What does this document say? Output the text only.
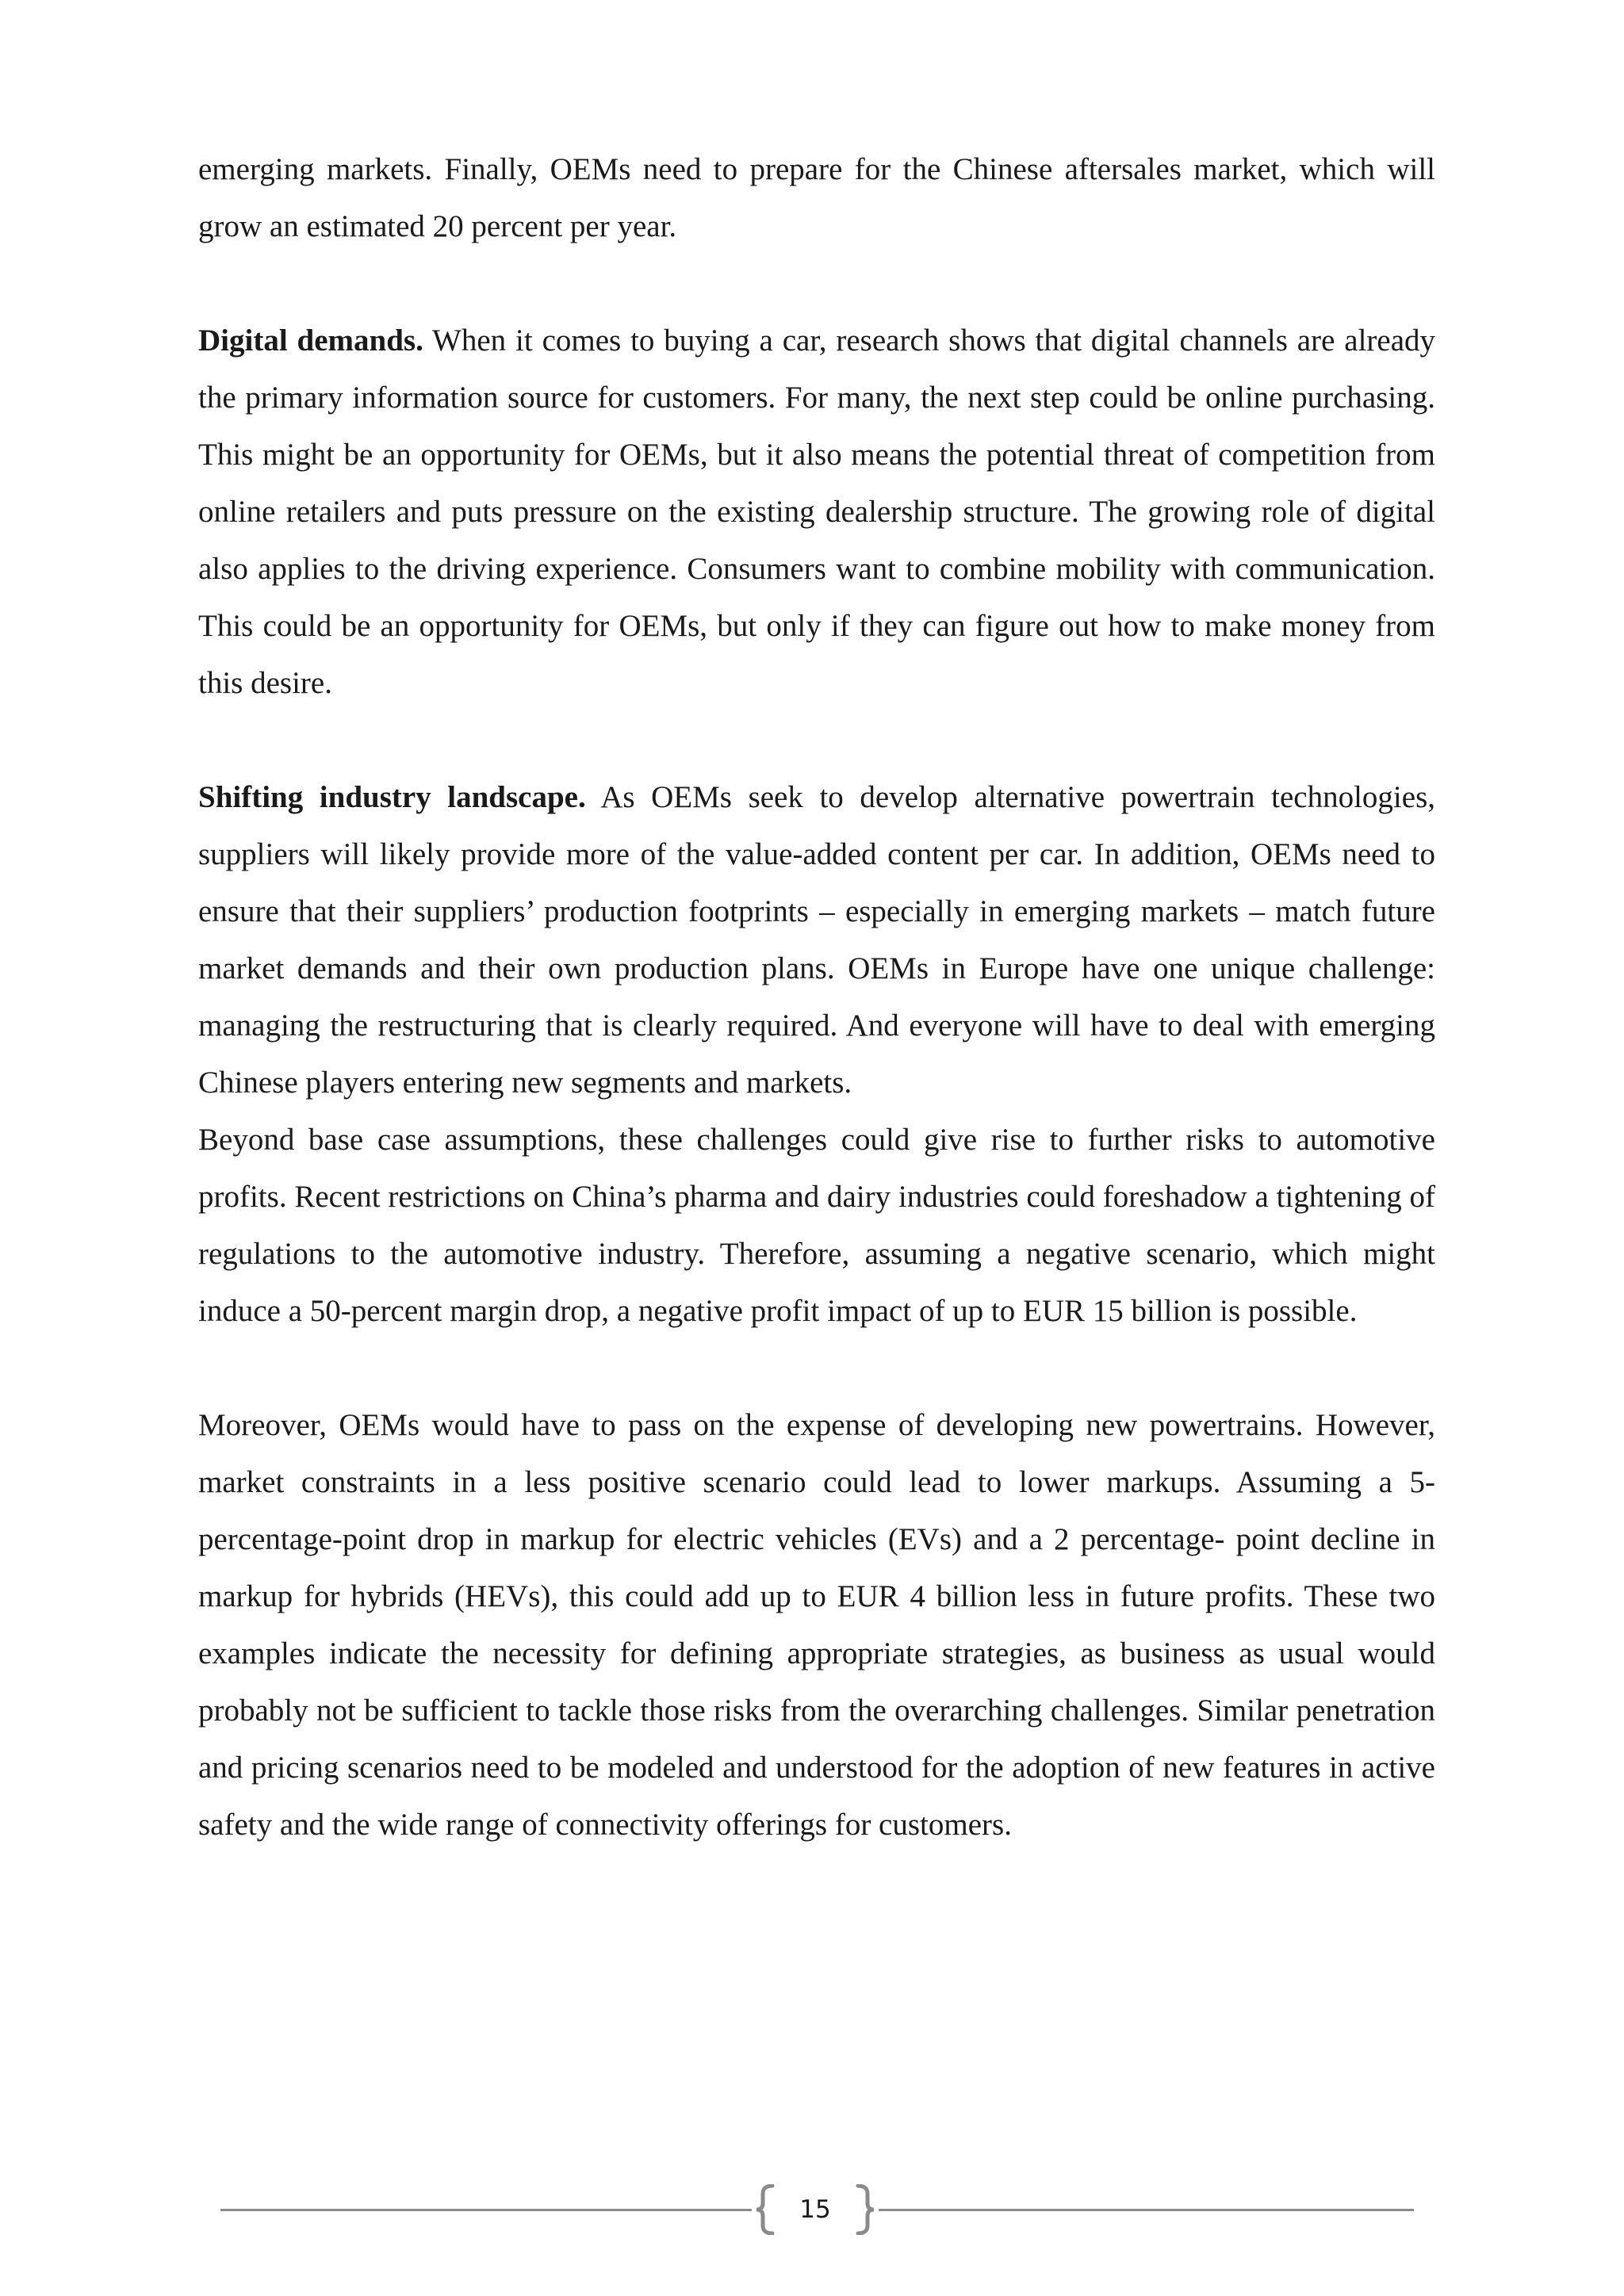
emerging markets. Finally, OEMs need to prepare for the Chinese aftersales market, which will grow an estimated 20 percent per year.

Digital demands. When it comes to buying a car, research shows that digital channels are already the primary information source for customers. For many, the next step could be online purchasing. This might be an opportunity for OEMs, but it also means the potential threat of competition from online retailers and puts pressure on the existing dealership structure. The growing role of digital also applies to the driving experience. Consumers want to combine mobility with communication. This could be an opportunity for OEMs, but only if they can figure out how to make money from this desire.

Shifting industry landscape. As OEMs seek to develop alternative powertrain technologies, suppliers will likely provide more of the value-added content per car. In addition, OEMs need to ensure that their suppliers’ production footprints – especially in emerging markets – match future market demands and their own production plans. OEMs in Europe have one unique challenge: managing the restructuring that is clearly required. And everyone will have to deal with emerging Chinese players entering new segments and markets.

Beyond base case assumptions, these challenges could give rise to further risks to automotive profits. Recent restrictions on China’s pharma and dairy industries could foreshadow a tightening of regulations to the automotive industry. Therefore, assuming a negative scenario, which might induce a 50-percent margin drop, a negative profit impact of up to EUR 15 billion is possible.

Moreover, OEMs would have to pass on the expense of developing new powertrains. However, market constraints in a less positive scenario could lead to lower markups. Assuming a 5-percentage-point drop in markup for electric vehicles (EVs) and a 2 percentage- point decline in markup for hybrids (HEVs), this could add up to EUR 4 billion less in future profits. These two examples indicate the necessity for defining appropriate strategies, as business as usual would probably not be sufficient to tackle those risks from the overarching challenges. Similar penetration and pricing scenarios need to be modeled and understood for the adoption of new features in active safety and the wide range of connectivity offerings for customers.

15
